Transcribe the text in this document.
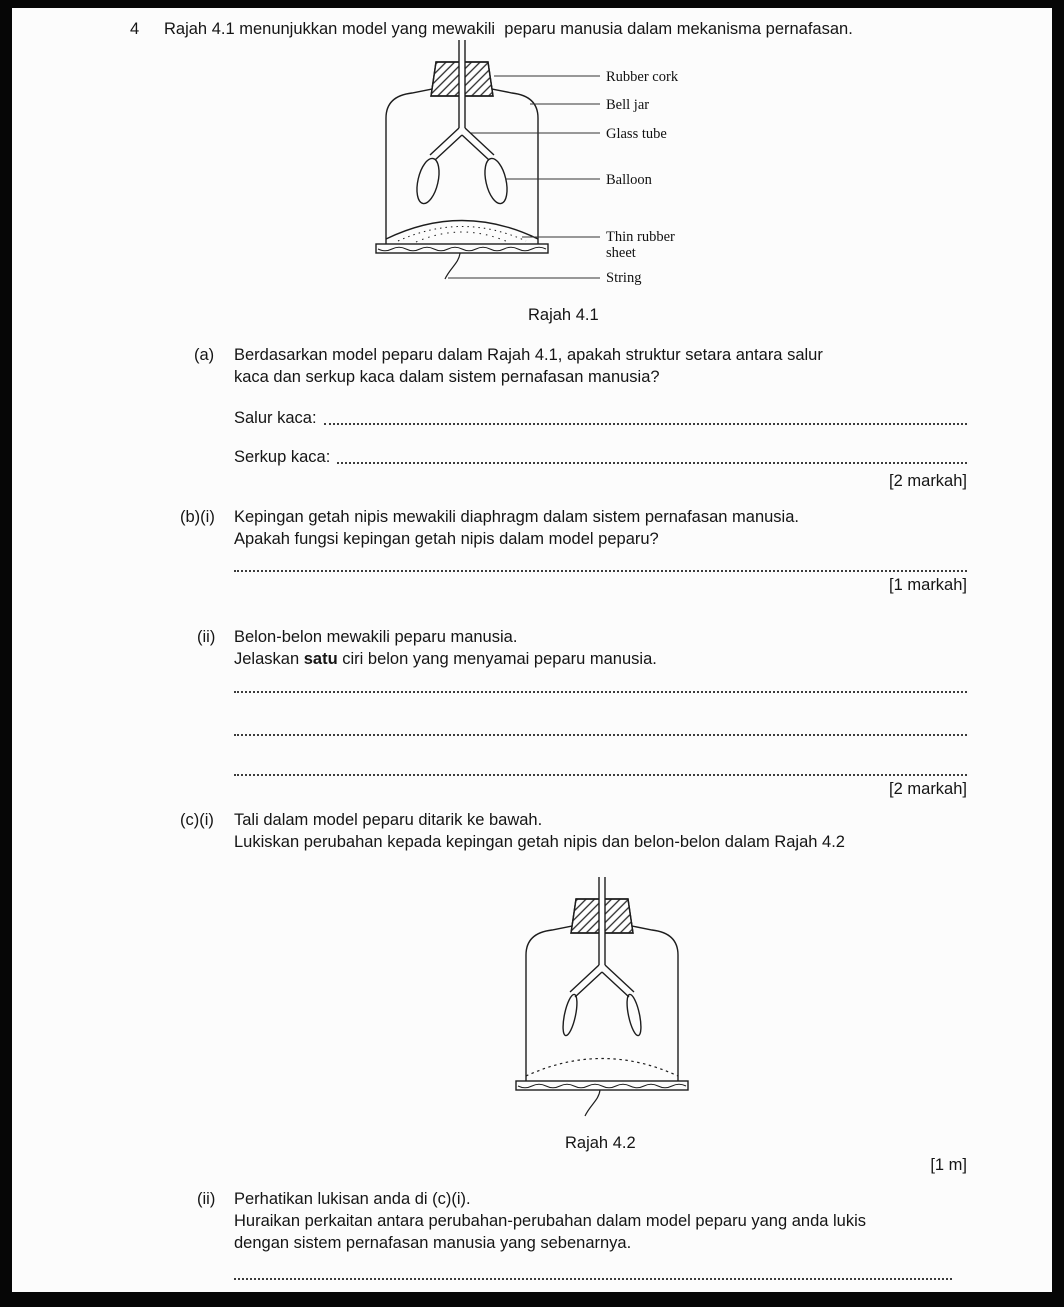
4	Rajah 4.1 menunjukkan model yang mewakili  peparu manusia dalam mekanisma pernafasan.
Rubber cork
Bell jar
Glass tube
Balloon
Thin rubber
sheet
String
Rajah 4.1
(a)	Berdasarkan model peparu dalam Rajah 4.1, apakah struktur setara antara salur
kaca dan serkup kaca dalam sistem pernafasan manusia?
Salur kaca:
Serkup kaca:
[2 markah]
(b)(i)	Kepingan getah nipis mewakili diaphragm dalam sistem pernafasan manusia.
Apakah fungsi kepingan getah nipis dalam model peparu?
[1 markah]
(ii)	Belon-belon mewakili peparu manusia.
Jelaskan satu ciri belon yang menyamai peparu manusia.
[2 markah]
(c)(i)	Tali dalam model peparu ditarik ke bawah.
Lukiskan perubahan kepada kepingan getah nipis dan belon-belon dalam Rajah 4.2
Rajah 4.2
[1 m]
(ii)	Perhatikan lukisan anda di (c)(i).
Huraikan perkaitan antara perubahan-perubahan dalam model peparu yang anda lukis
dengan sistem pernafasan manusia yang sebenarnya.
